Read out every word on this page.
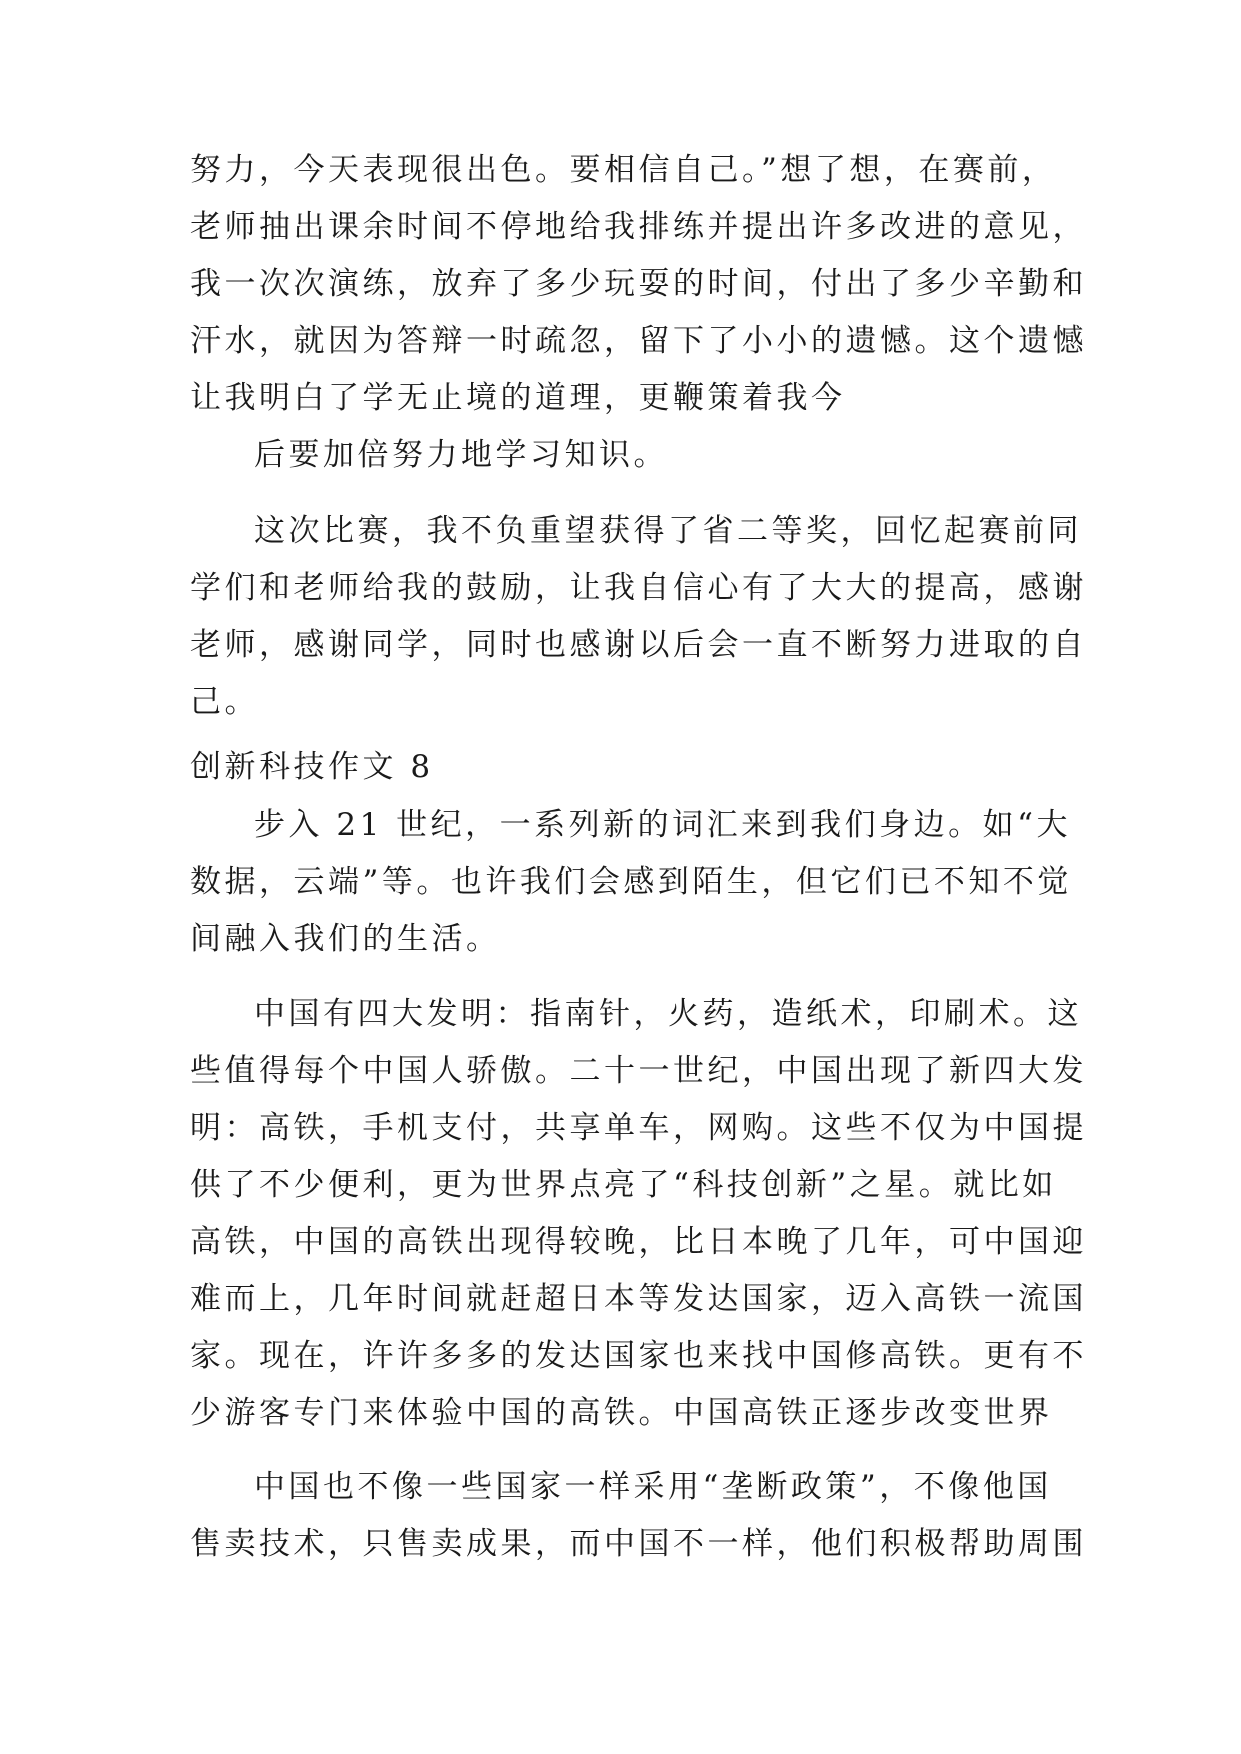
努力，今天表现很出色。要相信自己。”想了想，在赛前，
老师抽出课余时间不停地给我排练并提出许多改进的意见，
我一次次演练，放弃了多少玩耍的时间，付出了多少辛勤和
汗水，就因为答辩一时疏忽，留下了小小的遗憾。这个遗憾
让我明白了学无止境的道理，更鞭策着我今
后要加倍努力地学习知识。
这次比赛，我不负重望获得了省二等奖，回忆起赛前同
学们和老师给我的鼓励，让我自信心有了大大的提高，感谢
老师，感谢同学，同时也感谢以后会一直不断努力进取的自
己。
创新科技作文 8
步入 21 世纪，一系列新的词汇来到我们身边。如“大
数据，云端”等。也许我们会感到陌生，但它们已不知不觉
间融入我们的生活。
中国有四大发明：指南针，火药，造纸术，印刷术。这
些值得每个中国人骄傲。二十一世纪，中国出现了新四大发
明：高铁，手机支付，共享单车，网购。这些不仅为中国提
供了不少便利，更为世界点亮了“科技创新”之星。就比如
高铁，中国的高铁出现得较晚，比日本晚了几年，可中国迎
难而上，几年时间就赶超日本等发达国家，迈入高铁一流国
家。现在，许许多多的发达国家也来找中国修高铁。更有不
少游客专门来体验中国的高铁。中国高铁正逐步改变世界
中国也不像一些国家一样采用“垄断政策”，不像他国
售卖技术，只售卖成果，而中国不一样，他们积极帮助周围
